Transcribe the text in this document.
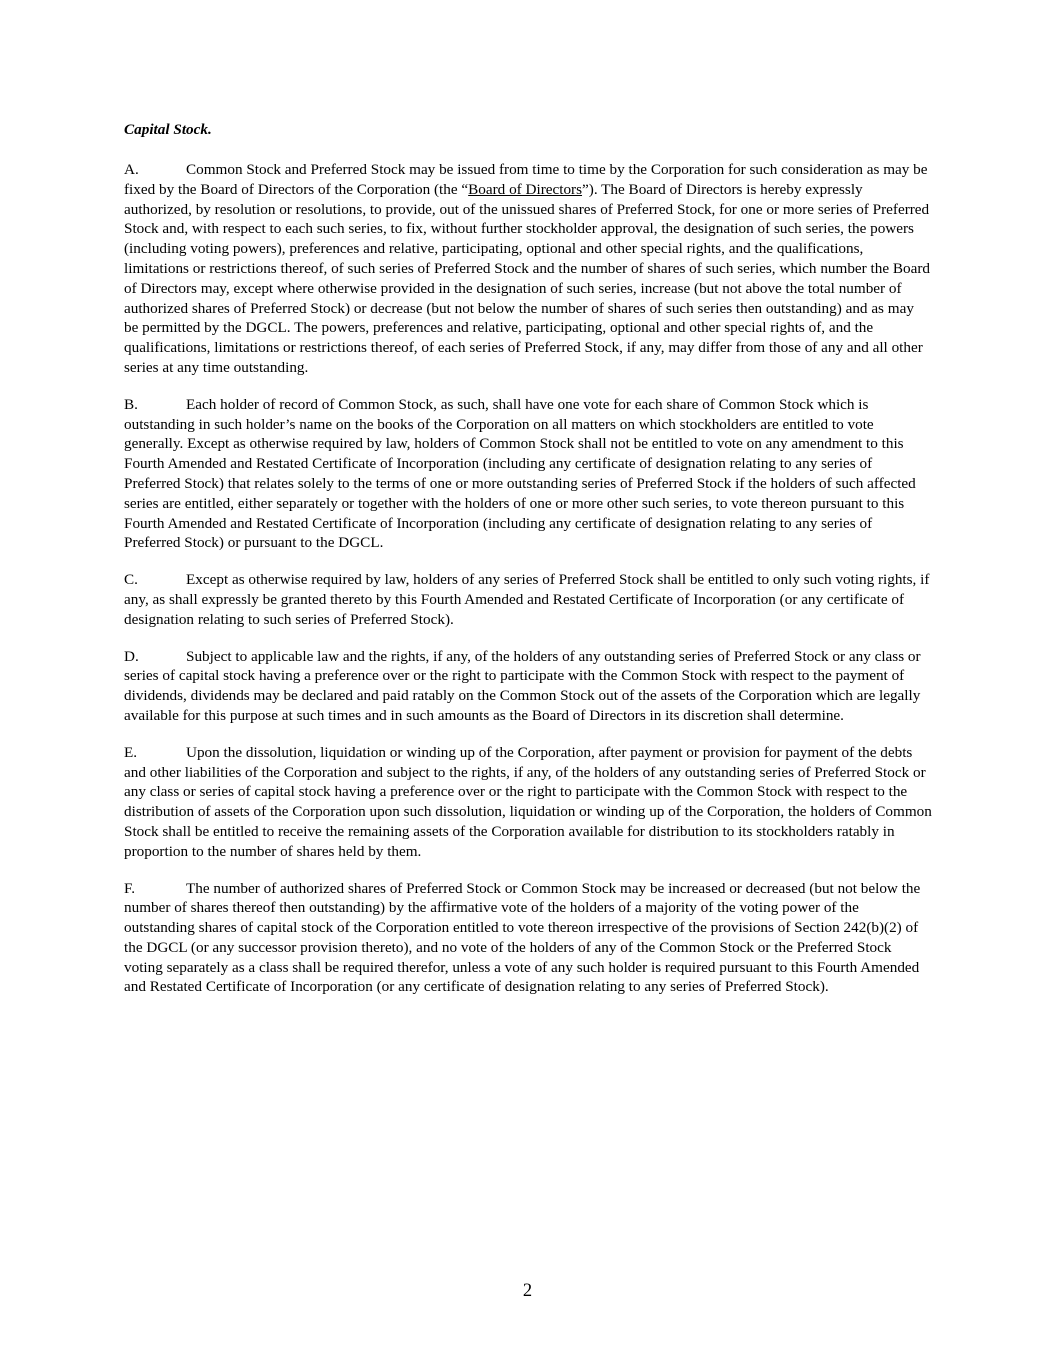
Capital Stock.

A.	Common Stock and Preferred Stock may be issued from time to time by the Corporation for such consideration as may be fixed by the Board of Directors of the Corporation (the “Board of Directors”). The Board of Directors is hereby expressly authorized, by resolution or resolutions, to provide, out of the unissued shares of Preferred Stock, for one or more series of Preferred Stock and, with respect to each such series, to fix, without further stockholder approval, the designation of such series, the powers (including voting powers), preferences and relative, participating, optional and other special rights, and the qualifications, limitations or restrictions thereof, of such series of Preferred Stock and the number of shares of such series, which number the Board of Directors may, except where otherwise provided in the designation of such series, increase (but not above the total number of authorized shares of Preferred Stock) or decrease (but not below the number of shares of such series then outstanding) and as may be permitted by the DGCL. The powers, preferences and relative, participating, optional and other special rights of, and the qualifications, limitations or restrictions thereof, of each series of Preferred Stock, if any, may differ from those of any and all other series at any time outstanding.

B.	Each holder of record of Common Stock, as such, shall have one vote for each share of Common Stock which is outstanding in such holder’s name on the books of the Corporation on all matters on which stockholders are entitled to vote generally. Except as otherwise required by law, holders of Common Stock shall not be entitled to vote on any amendment to this Fourth Amended and Restated Certificate of Incorporation (including any certificate of designation relating to any series of Preferred Stock) that relates solely to the terms of one or more outstanding series of Preferred Stock if the holders of such affected series are entitled, either separately or together with the holders of one or more other such series, to vote thereon pursuant to this Fourth Amended and Restated Certificate of Incorporation (including any certificate of designation relating to any series of Preferred Stock) or pursuant to the DGCL.

C.	Except as otherwise required by law, holders of any series of Preferred Stock shall be entitled to only such voting rights, if any, as shall expressly be granted thereto by this Fourth Amended and Restated Certificate of Incorporation (or any certificate of designation relating to such series of Preferred Stock).

D.	Subject to applicable law and the rights, if any, of the holders of any outstanding series of Preferred Stock or any class or series of capital stock having a preference over or the right to participate with the Common Stock with respect to the payment of dividends, dividends may be declared and paid ratably on the Common Stock out of the assets of the Corporation which are legally available for this purpose at such times and in such amounts as the Board of Directors in its discretion shall determine.

E.	Upon the dissolution, liquidation or winding up of the Corporation, after payment or provision for payment of the debts and other liabilities of the Corporation and subject to the rights, if any, of the holders of any outstanding series of Preferred Stock or any class or series of capital stock having a preference over or the right to participate with the Common Stock with respect to the distribution of assets of the Corporation upon such dissolution, liquidation or winding up of the Corporation, the holders of Common Stock shall be entitled to receive the remaining assets of the Corporation available for distribution to its stockholders ratably in proportion to the number of shares held by them.

F.	The number of authorized shares of Preferred Stock or Common Stock may be increased or decreased (but not below the number of shares thereof then outstanding) by the affirmative vote of the holders of a majority of the voting power of the outstanding shares of capital stock of the Corporation entitled to vote thereon irrespective of the provisions of Section 242(b)(2) of the DGCL (or any successor provision thereto), and no vote of the holders of any of the Common Stock or the Preferred Stock voting separately as a class shall be required therefor, unless a vote of any such holder is required pursuant to this Fourth Amended and Restated Certificate of Incorporation (or any certificate of designation relating to any series of Preferred Stock).

2
